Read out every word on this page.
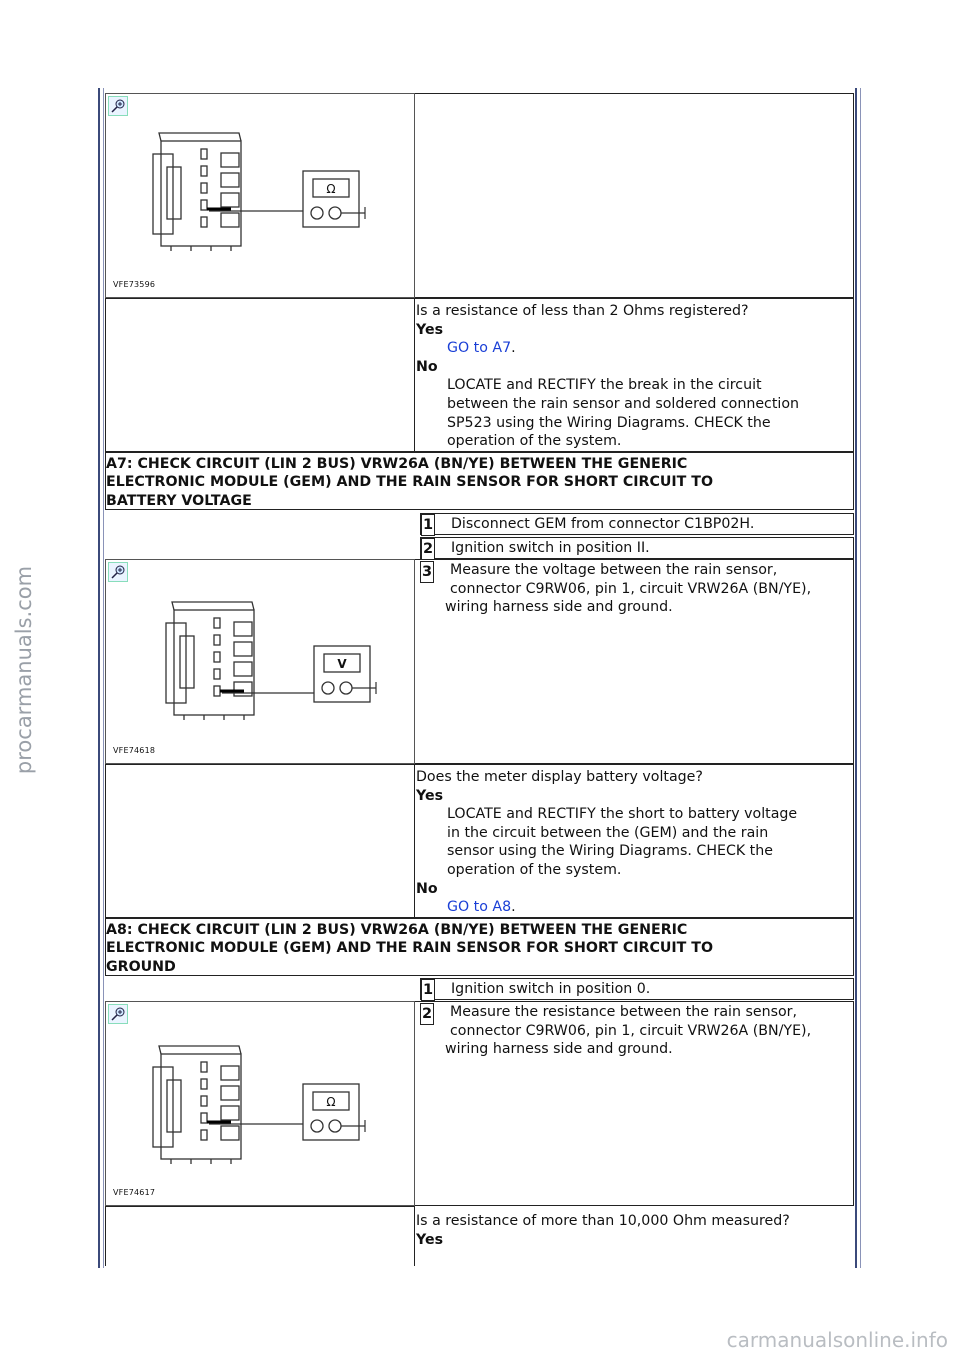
procarmanuals.com
carmanualsonline.info
Ω
VFE73596
Is a resistance of less than 2 Ohms registered?
Yes
GO to A7.
No
LOCATE and RECTIFY the break in the circuit
between the rain sensor and soldered connection
SP523 using the Wiring Diagrams. CHECK the
operation of the system.
A7: CHECK CIRCUIT (LIN 2 BUS) VRW26A (BN/YE) BETWEEN THE GENERIC
ELECTRONIC MODULE (GEM) AND THE RAIN SENSOR FOR SHORT CIRCUIT TO
BATTERY VOLTAGE
1 Disconnect GEM from connector C1BP02H.
2 Ignition switch in position II.
V
VFE74618
3	Measure the voltage between the rain sensor,
connector C9RW06, pin 1, circuit VRW26A (BN/YE),
wiring harness side and ground.
Does the meter display battery voltage?
Yes
LOCATE and RECTIFY the short to battery voltage
in the circuit between the (GEM) and the rain
sensor using the Wiring Diagrams. CHECK the
operation of the system.
No
GO to A8.
A8: CHECK CIRCUIT (LIN 2 BUS) VRW26A (BN/YE) BETWEEN THE GENERIC
ELECTRONIC MODULE (GEM) AND THE RAIN SENSOR FOR SHORT CIRCUIT TO
GROUND
1 Ignition switch in position 0.
Ω
VFE74617
2	Measure the resistance between the rain sensor,
connector C9RW06, pin 1, circuit VRW26A (BN/YE),
wiring harness side and ground.
Is a resistance of more than 10,000 Ohm measured?
Yes
